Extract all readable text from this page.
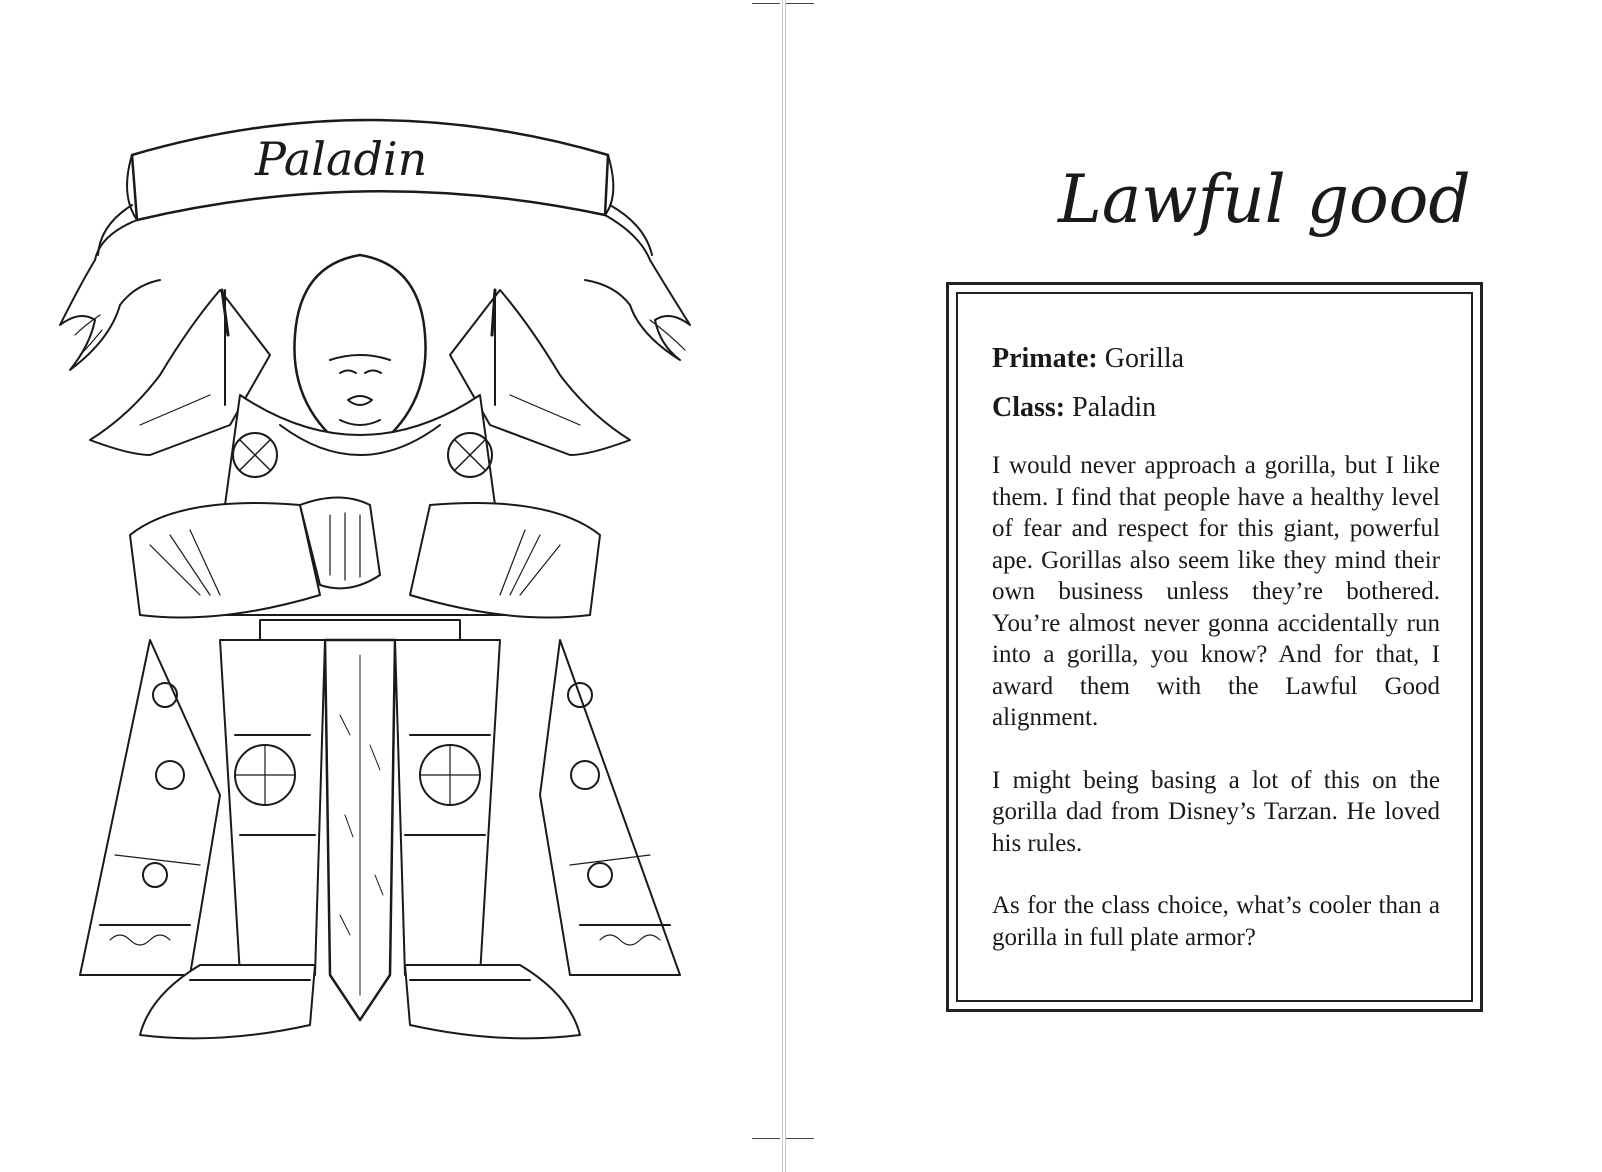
Paladin
Lawful good

Primate: Gorilla

Class: Paladin

I would never approach a gorilla, but I like them. I find that people have a healthy level of fear and respect for this giant, powerful ape. Gorillas also seem like they mind their own business unless they’re bothered. You’re almost never gonna accidentally run into a gorilla, you know? And for that, I award them with the Lawful Good alignment.

I might being basing a lot of this on the gorilla dad from Disney’s Tarzan. He loved his rules.

As for the class choice, what’s cooler than a gorilla in full plate armor?
